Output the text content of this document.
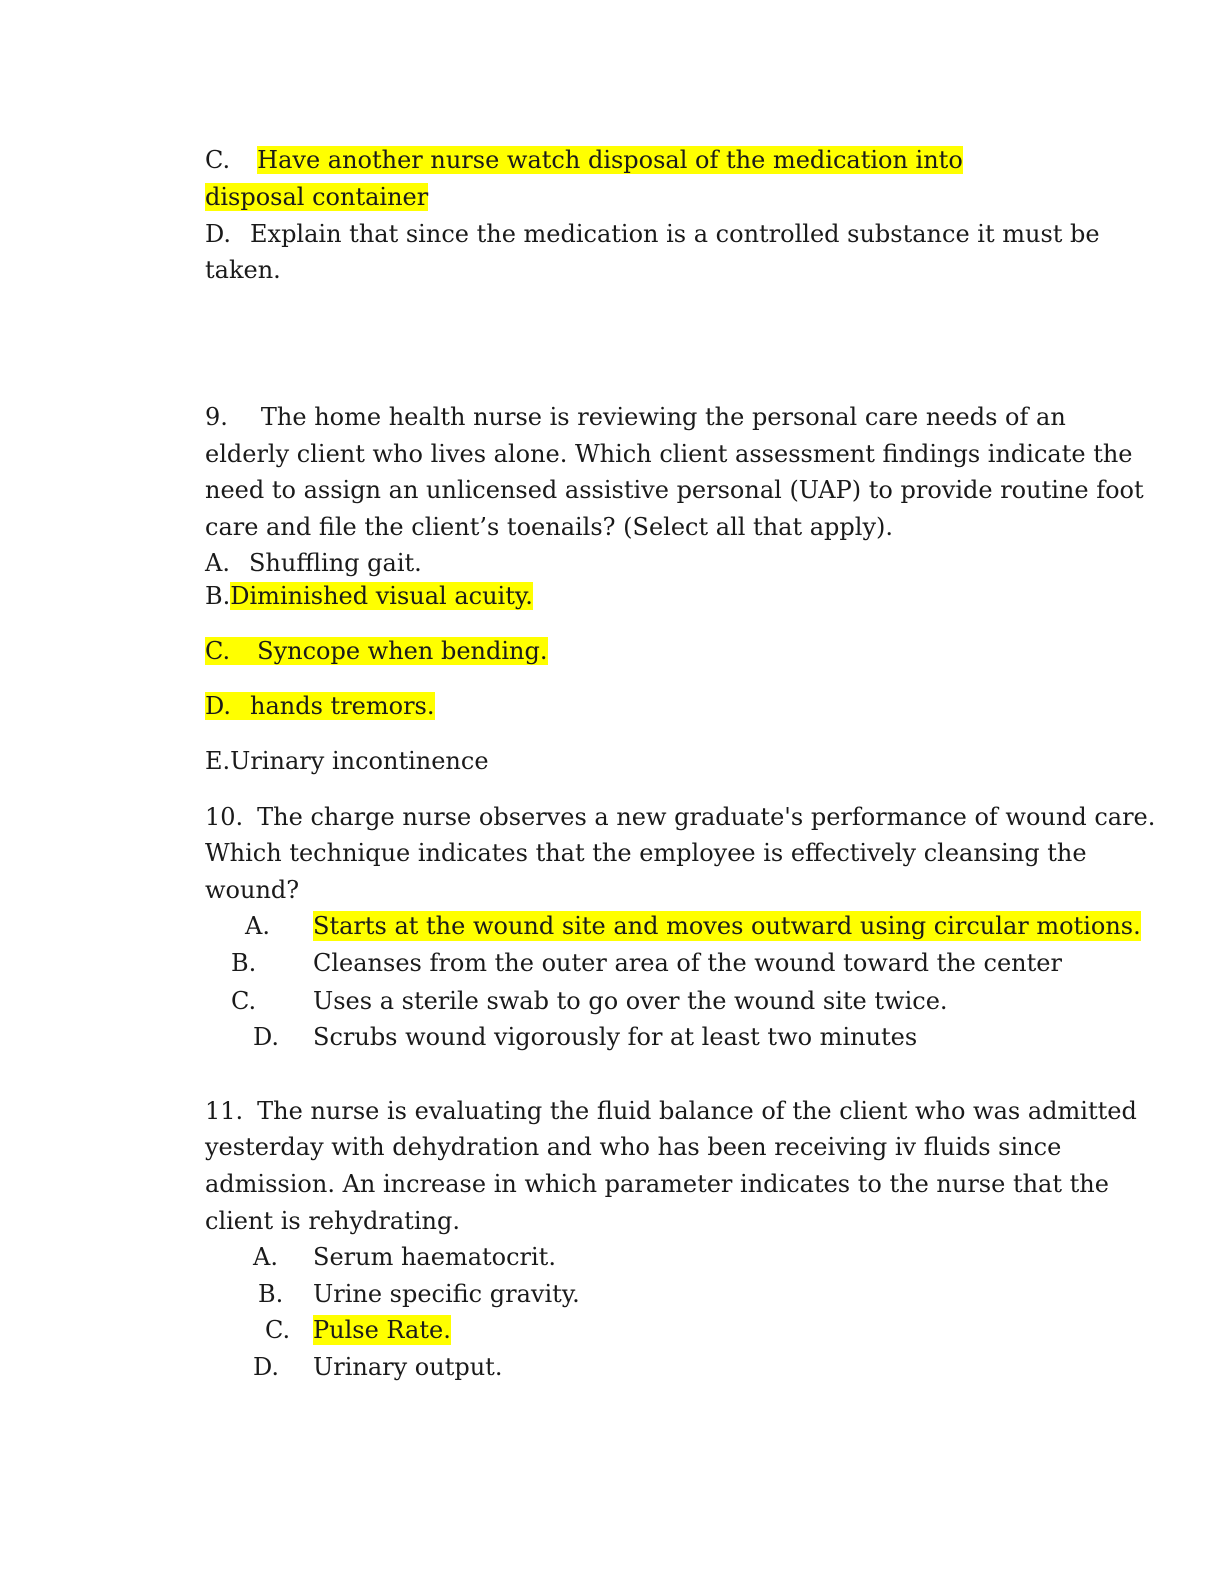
C. Have another nurse watch disposal of the medication into
disposal container
D. Explain that since the medication is a controlled substance it must be
taken.
9. The home health nurse is reviewing the personal care needs of an
elderly client who lives alone. Which client assessment findings indicate the
need to assign an unlicensed assistive personal (UAP) to provide routine foot
care and file the client’s toenails? (Select all that apply).
A. Shuffling gait.
B.Diminished visual acuity.
C. Syncope when bending.
D. hands tremors.
E.Urinary incontinence
10. The charge nurse observes a new graduate's performance of wound care.
Which technique indicates that the employee is effectively cleansing the
wound?
A. Starts at the wound site and moves outward using circular motions.
B. Cleanses from the outer area of the wound toward the center
C. Uses a sterile swab to go over the wound site twice.
D. Scrubs wound vigorously for at least two minutes
11. The nurse is evaluating the fluid balance of the client who was admitted
yesterday with dehydration and who has been receiving iv fluids since
admission. An increase in which parameter indicates to the nurse that the
client is rehydrating.
A. Serum haematocrit.
B. Urine specific gravity.
C. Pulse Rate.
D. Urinary output.
